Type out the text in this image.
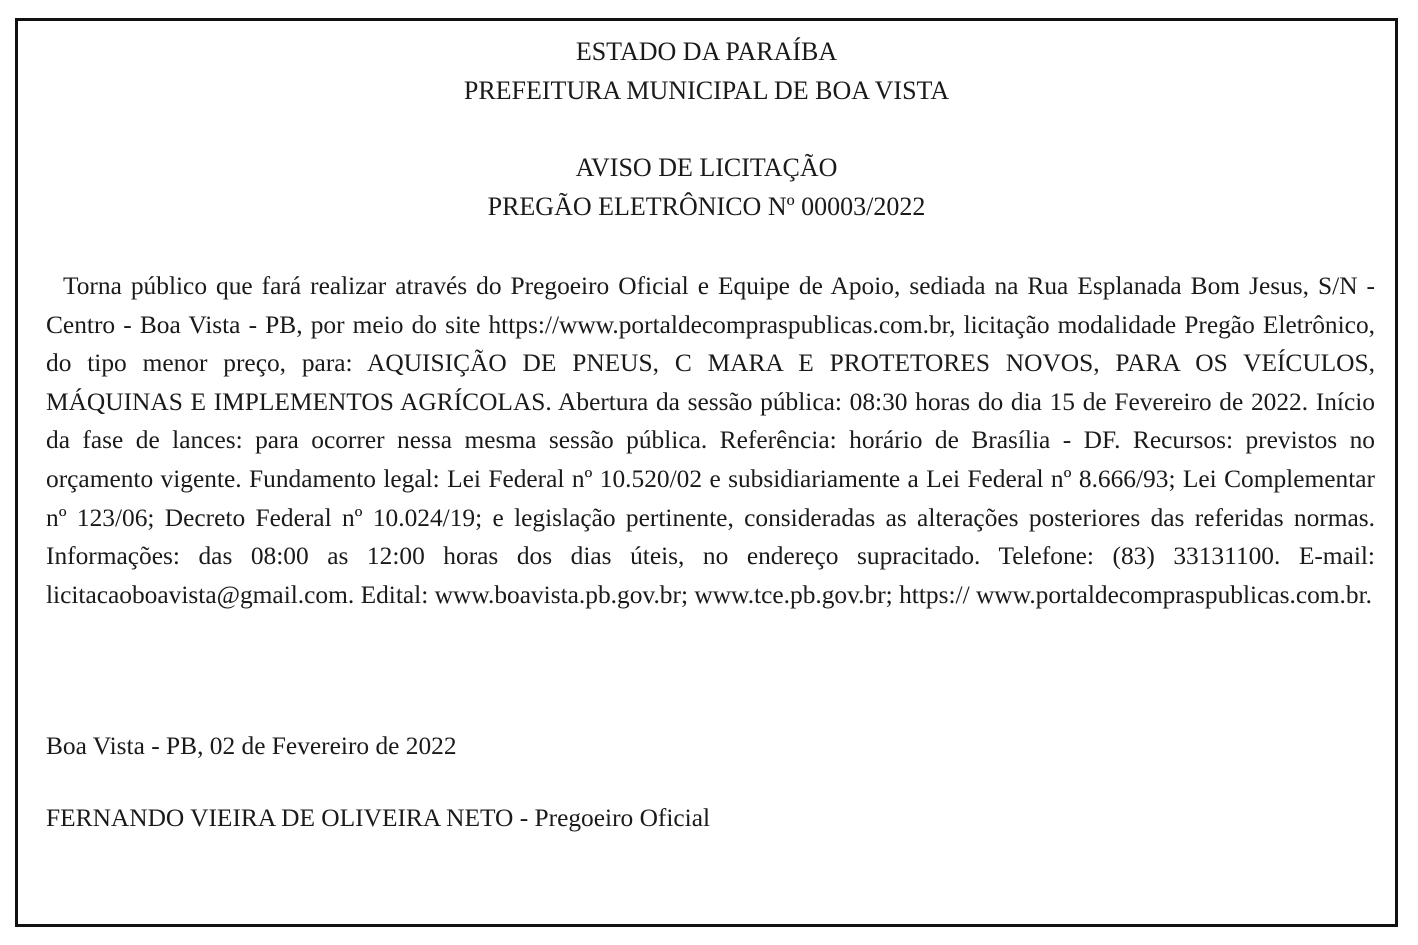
ESTADO DA PARAÍBA
PREFEITURA MUNICIPAL DE BOA VISTA
AVISO DE LICITAÇÃO
PREGÃO ELETRÔNICO Nº 00003/2022

Torna público que fará realizar através do Pregoeiro Oficial e Equipe de Apoio, sediada na Rua Esplanada Bom Jesus, S/N - Centro - Boa Vista - PB, por meio do site https://www.portaldecompraspublicas.com.br, licitação modalidade Pregão Eletrônico, do tipo menor preço, para: AQUISIÇÃO DE PNEUS, C MARA E PROTETORES NOVOS, PARA OS VEÍCULOS, MÁQUINAS E IMPLEMENTOS AGRÍCOLAS. Abertura da sessão pública: 08:30 horas do dia 15 de Fevereiro de 2022. Início da fase de lances: para ocorrer nessa mesma sessão pública. Referência: horário de Brasília - DF. Recursos: previstos no orçamento vigente. Fundamento legal: Lei Federal nº 10.520/02 e subsidiariamente a Lei Federal nº 8.666/93; Lei Complementar nº 123/06; Decreto Federal nº 10.024/19; e legislação pertinente, consideradas as alterações posteriores das referidas normas. Informações: das 08:00 as 12:00 horas dos dias úteis, no endereço supracitado. Telefone: (83) 33131100. E-mail: licitacaoboavista@gmail.com. Edital: www.boavista.pb.gov.br; www.tce.pb.gov.br; https:// www.portaldecompraspublicas.com.br.

Boa Vista - PB, 02 de Fevereiro de 2022
FERNANDO VIEIRA DE OLIVEIRA NETO - Pregoeiro Oficial
